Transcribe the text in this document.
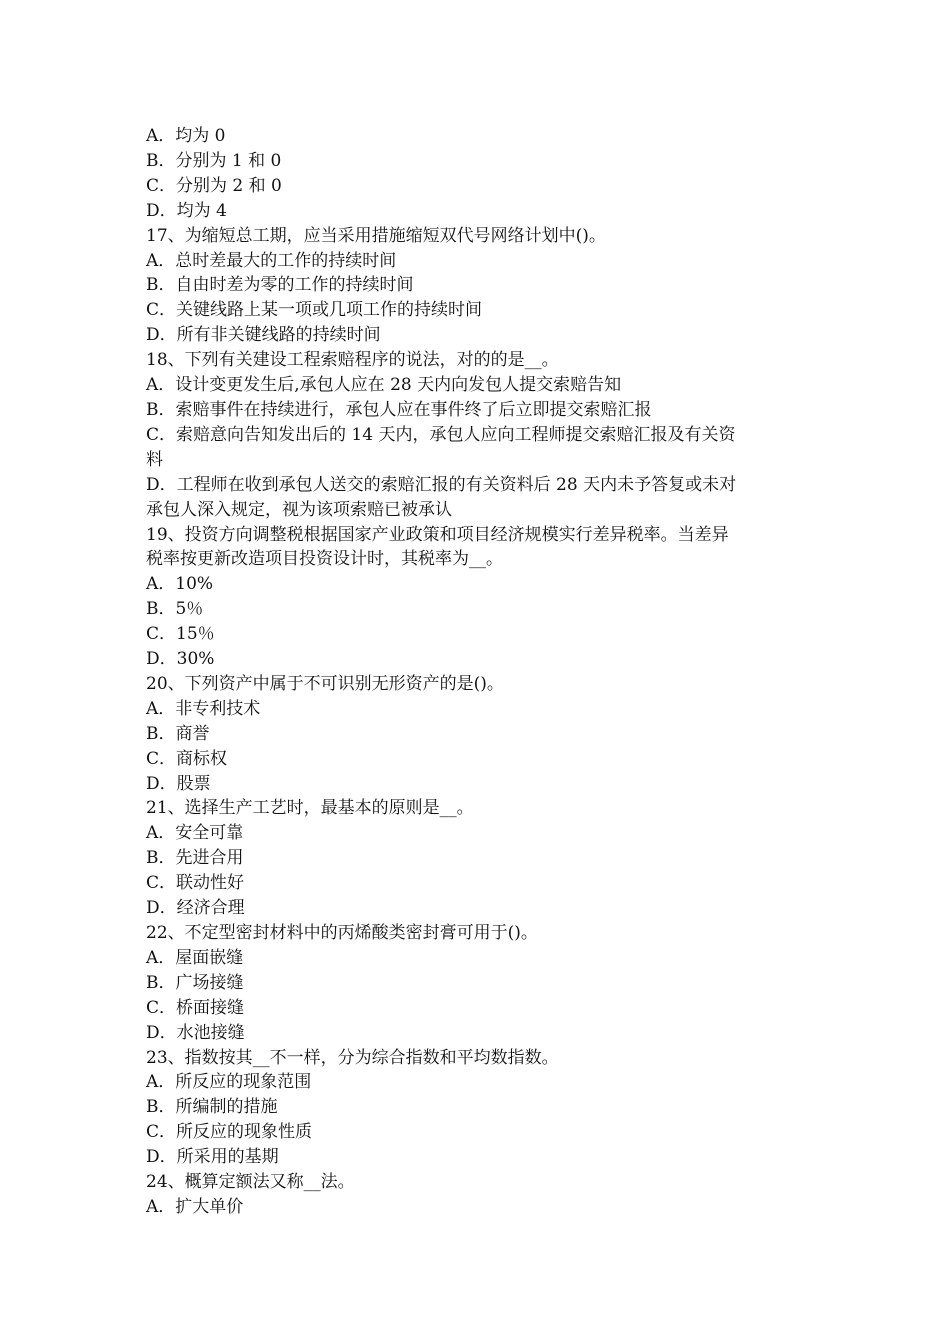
A．均为 0
B．分别为 1 和 0
C．分别为 2 和 0
D．均为 4
17、为缩短总工期，应当采用措施缩短双代号网络计划中()。
A．总时差最大的工作的持续时间
B．自由时差为零的工作的持续时间
C．关键线路上某一项或几项工作的持续时间
D．所有非关键线路的持续时间
18、下列有关建设工程索赔程序的说法，对的的是__。
A．设计变更发生后,承包人应在 28 天内向发包人提交索赔告知
B．索赔事件在持续进行，承包人应在事件终了后立即提交索赔汇报
C．索赔意向告知发出后的 14 天内，承包人应向工程师提交索赔汇报及有关资
料
D．工程师在收到承包人送交的索赔汇报的有关资料后 28 天内未予答复或未对
承包人深入规定，视为该项索赔已被承认
19、投资方向调整税根据国家产业政策和项目经济规模实行差异税率。当差异
税率按更新改造项目投资设计时，其税率为__。
A．10%
B．5％
C．15％
D．30%
20、下列资产中属于不可识别无形资产的是()。
A．非专利技术
B．商誉
C．商标权
D．股票
21、选择生产工艺时，最基本的原则是__。
A．安全可靠
B．先进合用
C．联动性好
D．经济合理
22、不定型密封材料中的丙烯酸类密封膏可用于()。
A．屋面嵌缝
B．广场接缝
C．桥面接缝
D．水池接缝
23、指数按其__不一样，分为综合指数和平均数指数。
A．所反应的现象范围
B．所编制的措施
C．所反应的现象性质
D．所采用的基期
24、概算定额法又称__法。
A．扩大单价
